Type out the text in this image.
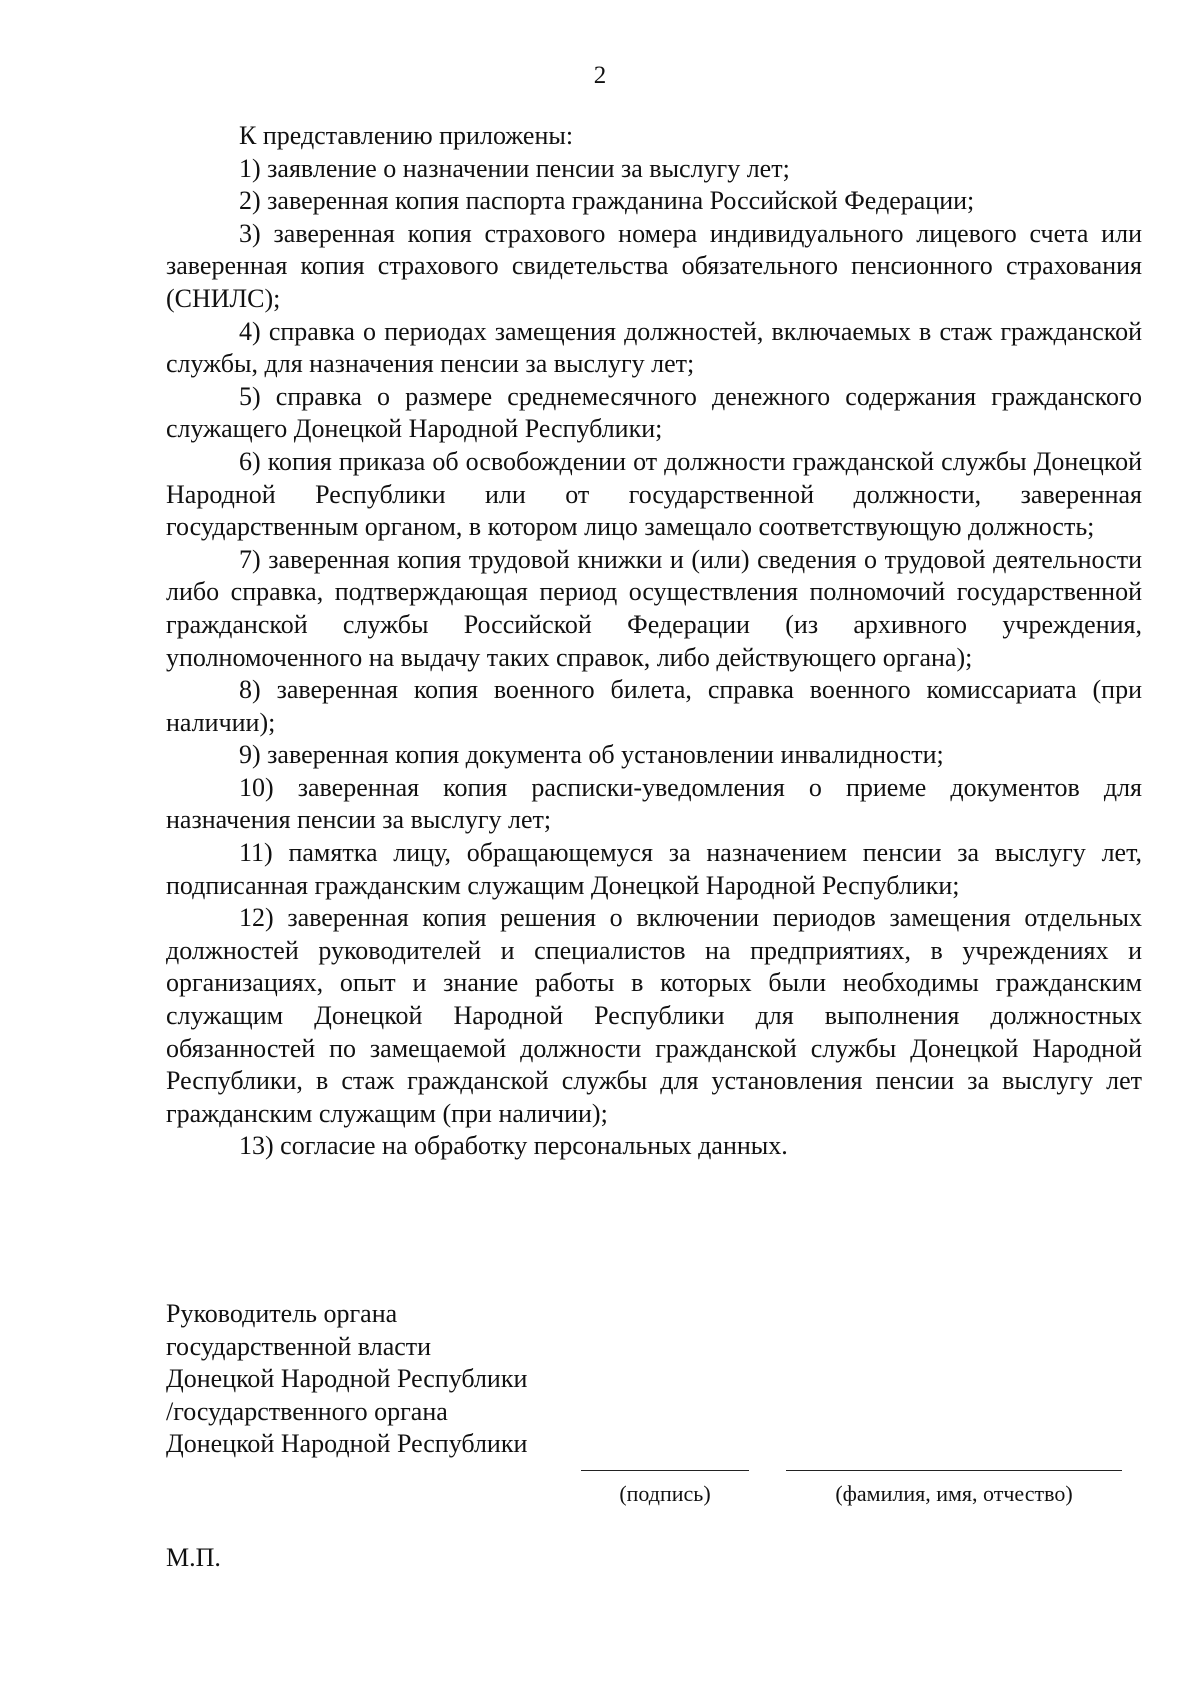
2

К представлению приложены:

1) заявление о назначении пенсии за выслугу лет;

2) заверенная копия паспорта гражданина Российской Федерации;

3) заверенная копия страхового номера индивидуального лицевого счета или заверенная копия страхового свидетельства обязательного пенсионного страхования (СНИЛС);

4) справка о периодах замещения должностей, включаемых в стаж гражданской службы, для назначения пенсии за выслугу лет;

5) справка о размере среднемесячного денежного содержания гражданского служащего Донецкой Народной Республики;

6) копия приказа об освобождении от должности гражданской службы Донецкой Народной Республики или от государственной должности, заверенная государственным органом, в котором лицо замещало соответствующую должность;

7) заверенная копия трудовой книжки и (или) сведения о трудовой деятельности либо справка, подтверждающая период осуществления полномочий государственной гражданской службы Российской Федерации (из архивного учреждения, уполномоченного на выдачу таких справок, либо действующего органа);

8) заверенная копия военного билета, справка военного комиссариата (при наличии);

9) заверенная копия документа об установлении инвалидности;

10) заверенная копия расписки-уведомления о приеме документов для назначения пенсии за выслугу лет;

11) памятка лицу, обращающемуся за назначением пенсии за выслугу лет, подписанная гражданским служащим Донецкой Народной Республики;

12) заверенная копия решения о включении периодов замещения отдельных должностей руководителей и специалистов на предприятиях, в учреждениях и организациях, опыт и знание работы в которых были необходимы гражданским служащим Донецкой Народной Республики для выполнения должностных обязанностей по замещаемой должности гражданской службы Донецкой Народной Республики, в стаж гражданской службы для установления пенсии за выслугу лет гражданским служащим (при наличии);

13) согласие на обработку персональных данных.

Руководитель органа
государственной власти
Донецкой Народной Республики
/государственного органа
Донецкой Народной Республики
(подпись)	(фамилия, имя, отчество)
М.П.
